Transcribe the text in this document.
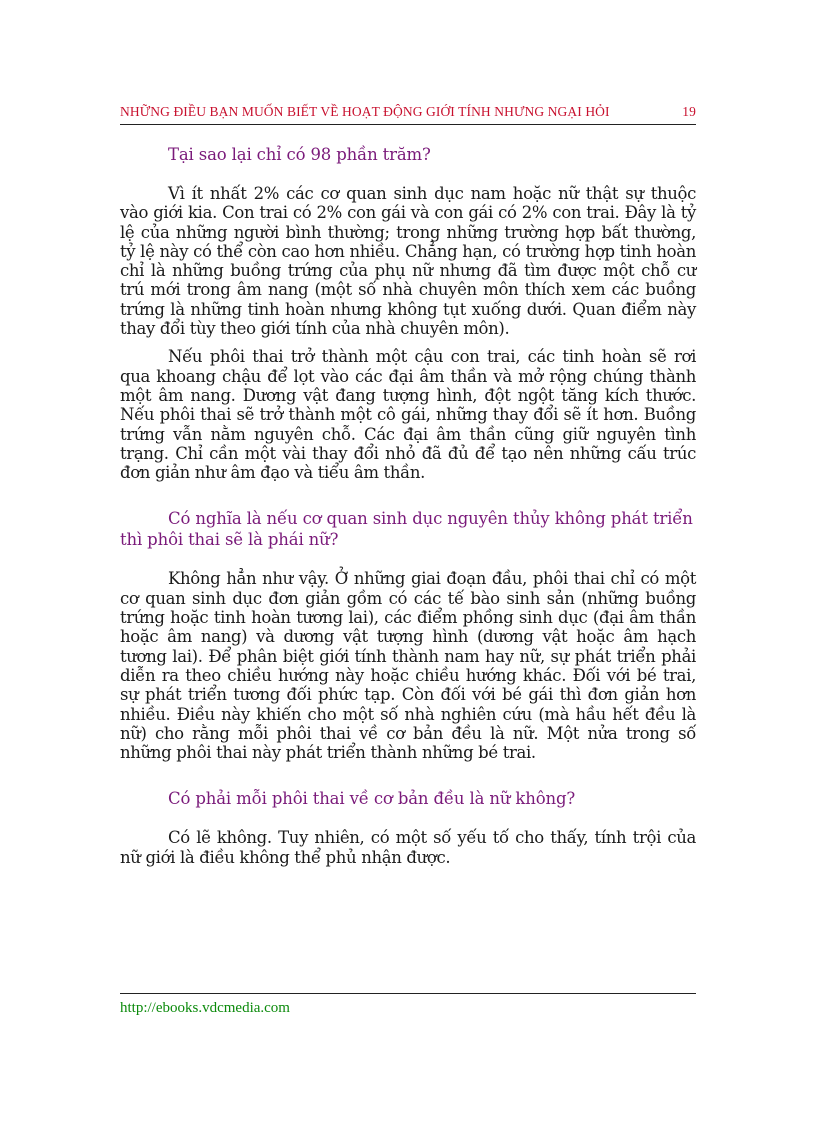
NHỮNG ĐIỀU BẠN MUỐN BIẾT VỀ HOẠT ĐỘNG GIỚI TÍNH NHƯNG NGẠI HỎI	19

Tại sao lại chỉ có 98 phần trăm?

Vì ít nhất 2% các cơ quan sinh dục nam hoặc nữ thật sự thuộc vào giới kia. Con trai có 2% con gái và con gái có 2% con trai. Đây là tỷ lệ của những người bình thường; trong những trường hợp bất thường, tỷ lệ này có thể còn cao hơn nhiều. Chẳng hạn, có trường hợp tinh hoàn chỉ là những buồng trứng của phụ nữ nhưng đã tìm được một chỗ cư trú mới trong âm nang (một số nhà chuyên môn thích xem các buồng trứng là những tinh hoàn nhưng không tụt xuống dưới. Quan điểm này thay đổi tùy theo giới tính của nhà chuyên môn).

Nếu phôi thai trở thành một cậu con trai, các tinh hoàn sẽ rơi qua khoang chậu để lọt vào các đại âm thần và mở rộng chúng thành một âm nang. Dương vật đang tượng hình, đột ngột tăng kích thước. Nếu phôi thai sẽ trở thành một cô gái, những thay đổi sẽ ít hơn. Buồng trứng vẫn nằm nguyên chỗ. Các đại âm thần cũng giữ nguyên tình trạng. Chỉ cần một vài thay đổi nhỏ đã đủ để tạo nên những cấu trúc đơn giản như âm đạo và tiểu âm thần.

Có nghĩa là nếu cơ quan sinh dục nguyên thủy không phát triển thì phôi thai sẽ là phái nữ?

Không hẳn như vậy. Ở những giai đoạn đầu, phôi thai chỉ có một cơ quan sinh dục đơn giản gồm có các tế bào sinh sản (những buồng trứng hoặc tinh hoàn tương lai), các điểm phồng sinh dục (đại âm thần hoặc âm nang) và dương vật tượng hình (dương vật hoặc âm hạch tương lai). Để phân biệt giới tính thành nam hay nữ, sự phát triển phải diễn ra theo chiều hướng này hoặc chiều hướng khác. Đối với bé trai, sự phát triển tương đối phức tạp. Còn đối với bé gái thì đơn giản hơn nhiều. Điều này khiến cho một số nhà nghiên cứu (mà hầu hết đều là nữ) cho rằng mỗi phôi thai về cơ bản đều là nữ. Một nửa trong số những phôi thai này phát triển thành những bé trai.

Có phải mỗi phôi thai về cơ bản đều là nữ không?

Có lẽ không. Tuy nhiên, có một số yếu tố cho thấy, tính trội của nữ giới là điều không thể phủ nhận được.

http://ebooks.vdcmedia.com
